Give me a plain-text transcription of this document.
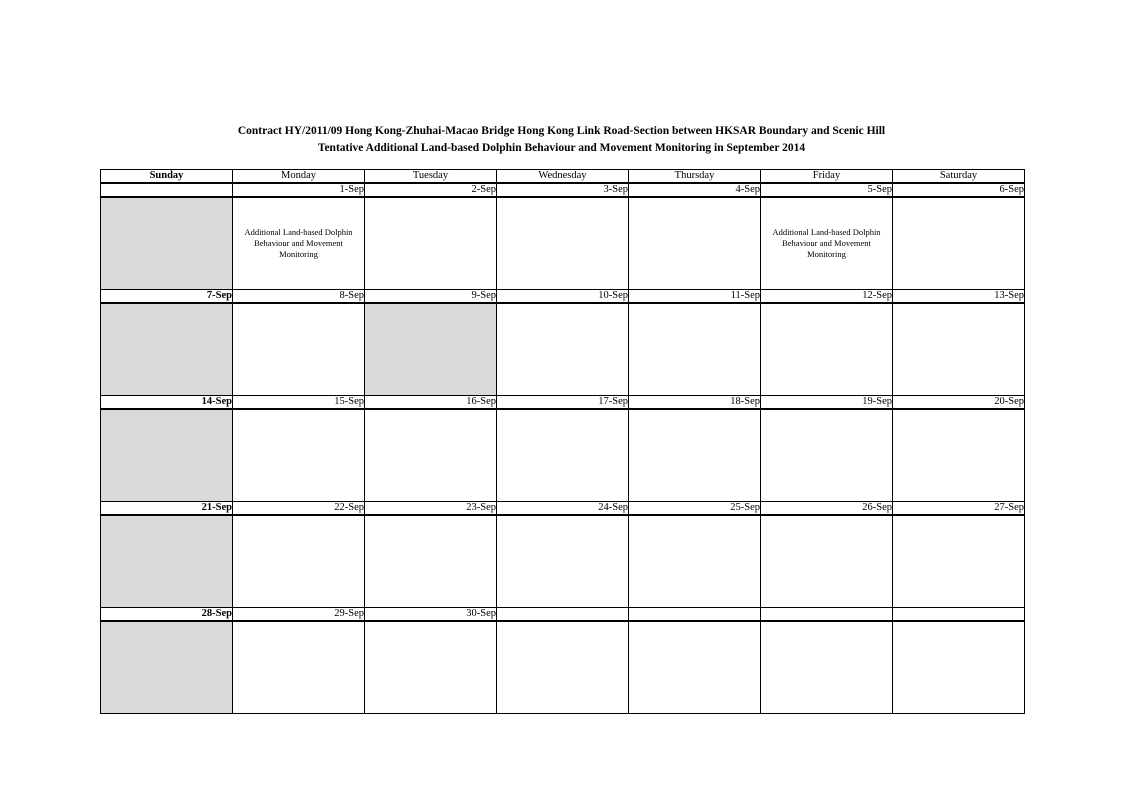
Contract HY/2011/09 Hong Kong-Zhuhai-Macao Bridge Hong Kong Link Road-Section between HKSAR Boundary and Scenic Hill
Tentative Additional Land-based Dolphin Behaviour and Movement Monitoring in September 2014
Sunday	Monday	Tuesday	Wednesday	Thursday	Friday	Saturday
	1-Sep	2-Sep	3-Sep	4-Sep	5-Sep	6-Sep

	Additional Land-based Dolphin Behaviour and Movement Monitoring				Additional Land-based Dolphin Behaviour and Movement Monitoring	

7-Sep	8-Sep	9-Sep	10-Sep	11-Sep	12-Sep	13-Sep

14-Sep	15-Sep	16-Sep	17-Sep	18-Sep	19-Sep	20-Sep

21-Sep	22-Sep	23-Sep	24-Sep	25-Sep	26-Sep	27-Sep

28-Sep	29-Sep	30-Sep				
